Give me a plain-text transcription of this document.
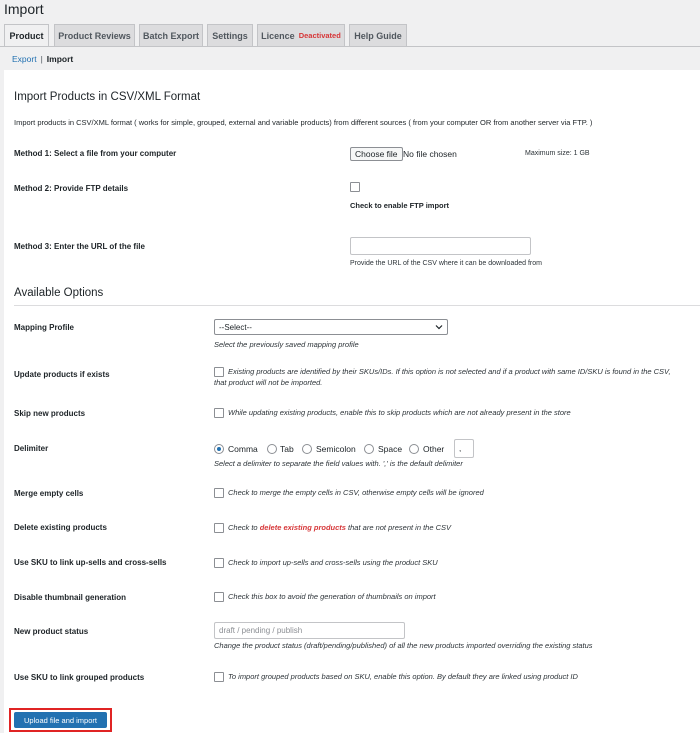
Import
Product Product Reviews Batch Export Settings Licence Deactivated Help Guide
Export | Import
Import Products in CSV/XML Format
Import products in CSV/XML format ( works for simple, grouped, external and variable products) from different sources ( from your computer OR from another server via FTP. )
Method 1: Select a file from your computer	Choose file No file chosen	Maximum size: 1 GB
Method 2: Provide FTP details
Check to enable FTP import
Method 3: Enter the URL of the file
Provide the URL of the CSV where it can be downloaded from
Available Options
Mapping Profile	--Select--
Select the previously saved mapping profile
Update products if exists	Existing products are identified by their SKUs/IDs. If this option is not selected and if a product with same ID/SKU is found in the CSV,
that product will not be imported.
Skip new products	While updating existing products, enable this to skip products which are not already present in the store
Delimiter	Comma	Tab	Semicolon	Space Other	,
Select a delimiter to separate the field values with. ',' is the default delimiter
Merge empty cells	Check to merge the empty cells in CSV, otherwise empty cells will be ignored
Delete existing products	Check to delete existing products that are not present in the CSV
Use SKU to link up-sells and cross-sells	Check to import up-sells and cross-sells using the product SKU
Disable thumbnail generation	Check this box to avoid the generation of thumbnails on import
New product status	draft / pending / publish
Change the product status (draft/pending/published) of all the new products imported overriding the existing status
Use SKU to link grouped products	To import grouped products based on SKU, enable this option. By default they are linked using product ID
Upload file and import
